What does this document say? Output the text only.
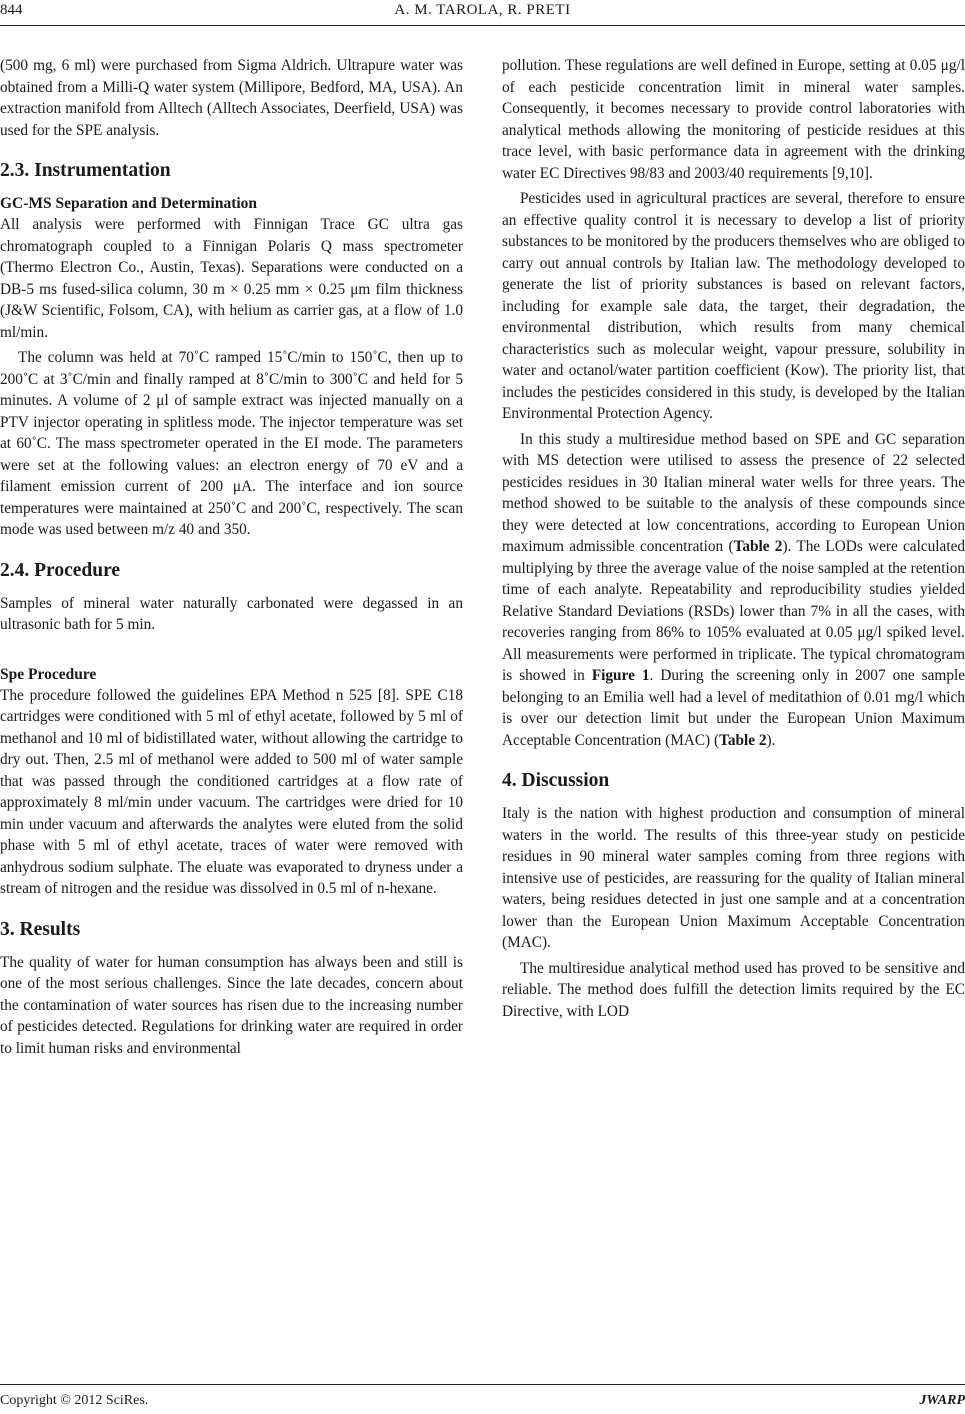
844	A. M. TAROLA, R. PRETI

(500 mg, 6 ml) were purchased from Sigma Aldrich. Ultrapure water was obtained from a Milli-Q water system (Millipore, Bedford, MA, USA). An extraction manifold from Alltech (Alltech Associates, Deerfield, USA) was used for the SPE analysis.

2.3. Instrumentation
GC-MS Separation and Determination

All analysis were performed with Finnigan Trace GC ultra gas chromatograph coupled to a Finnigan Polaris Q mass spectrometer (Thermo Electron Co., Austin, Texas). Separations were conducted on a DB-5 ms fused-silica column, 30 m × 0.25 mm × 0.25 μm film thickness (J&W Scientific, Folsom, CA), with helium as carrier gas, at a flow of 1.0 ml/min.

The column was held at 70˚C ramped 15˚C/min to 150˚C, then up to 200˚C at 3˚C/min and finally ramped at 8˚C/min to 300˚C and held for 5 minutes. A volume of 2 μl of sample extract was injected manually on a PTV injector operating in splitless mode. The injector temperature was set at 60˚C. The mass spectrometer operated in the EI mode. The parameters were set at the following values: an electron energy of 70 eV and a filament emission current of 200 μA. The interface and ion source temperatures were maintained at 250˚C and 200˚C, respectively. The scan mode was used between m/z 40 and 350.

2.4. Procedure

Samples of mineral water naturally carbonated were degassed in an ultrasonic bath for 5 min.

Spe Procedure

The procedure followed the guidelines EPA Method n 525 [8]. SPE C18 cartridges were conditioned with 5 ml of ethyl acetate, followed by 5 ml of methanol and 10 ml of bidistillated water, without allowing the cartridge to dry out. Then, 2.5 ml of methanol were added to 500 ml of water sample that was passed through the conditioned cartridges at a flow rate of approximately 8 ml/min under vacuum. The cartridges were dried for 10 min under vacuum and afterwards the analytes were eluted from the solid phase with 5 ml of ethyl acetate, traces of water were removed with anhydrous sodium sulphate. The eluate was evaporated to dryness under a stream of nitrogen and the residue was dissolved in 0.5 ml of n-hexane.

3. Results

The quality of water for human consumption has always been and still is one of the most serious challenges. Since the late decades, concern about the contamination of water sources has risen due to the increasing number of pesticides detected. Regulations for drinking water are required in order to limit human risks and environmental

pollution. These regulations are well defined in Europe, setting at 0.05 μg/l of each pesticide concentration limit in mineral water samples. Consequently, it becomes necessary to provide control laboratories with analytical methods allowing the monitoring of pesticide residues at this trace level, with basic performance data in agreement with the drinking water EC Directives 98/83 and 2003/40 requirements [9,10].

Pesticides used in agricultural practices are several, therefore to ensure an effective quality control it is necessary to develop a list of priority substances to be monitored by the producers themselves who are obliged to carry out annual controls by Italian law. The methodology developed to generate the list of priority substances is based on relevant factors, including for example sale data, the target, their degradation, the environmental distribution, which results from many chemical characteristics such as molecular weight, vapour pressure, solubility in water and octanol/water partition coefficient (Kow). The priority list, that includes the pesticides considered in this study, is developed by the Italian Environmental Protection Agency.

In this study a multiresidue method based on SPE and GC separation with MS detection were utilised to assess the presence of 22 selected pesticides residues in 30 Italian mineral water wells for three years. The method showed to be suitable to the analysis of these compounds since they were detected at low concentrations, according to European Union maximum admissible concentration (Table 2). The LODs were calculated multiplying by three the average value of the noise sampled at the retention time of each analyte. Repeatability and reproducibility studies yielded Relative Standard Deviations (RSDs) lower than 7% in all the cases, with recoveries ranging from 86% to 105% evaluated at 0.05 μg/l spiked level. All measurements were performed in triplicate. The typical chromatogram is showed in Figure 1. During the screening only in 2007 one sample belonging to an Emilia well had a level of meditathion of 0.01 mg/l which is over our detection limit but under the European Union Maximum Acceptable Concentration (MAC) (Table 2).

4. Discussion

Italy is the nation with highest production and consumption of mineral waters in the world. The results of this three-year study on pesticide residues in 90 mineral water samples coming from three regions with intensive use of pesticides, are reassuring for the quality of Italian mineral waters, being residues detected in just one sample and at a concentration lower than the European Union Maximum Acceptable Concentration (MAC).

The multiresidue analytical method used has proved to be sensitive and reliable. The method does fulfill the detection limits required by the EC Directive, with LOD

Copyright © 2012 SciRes.	JWARP
